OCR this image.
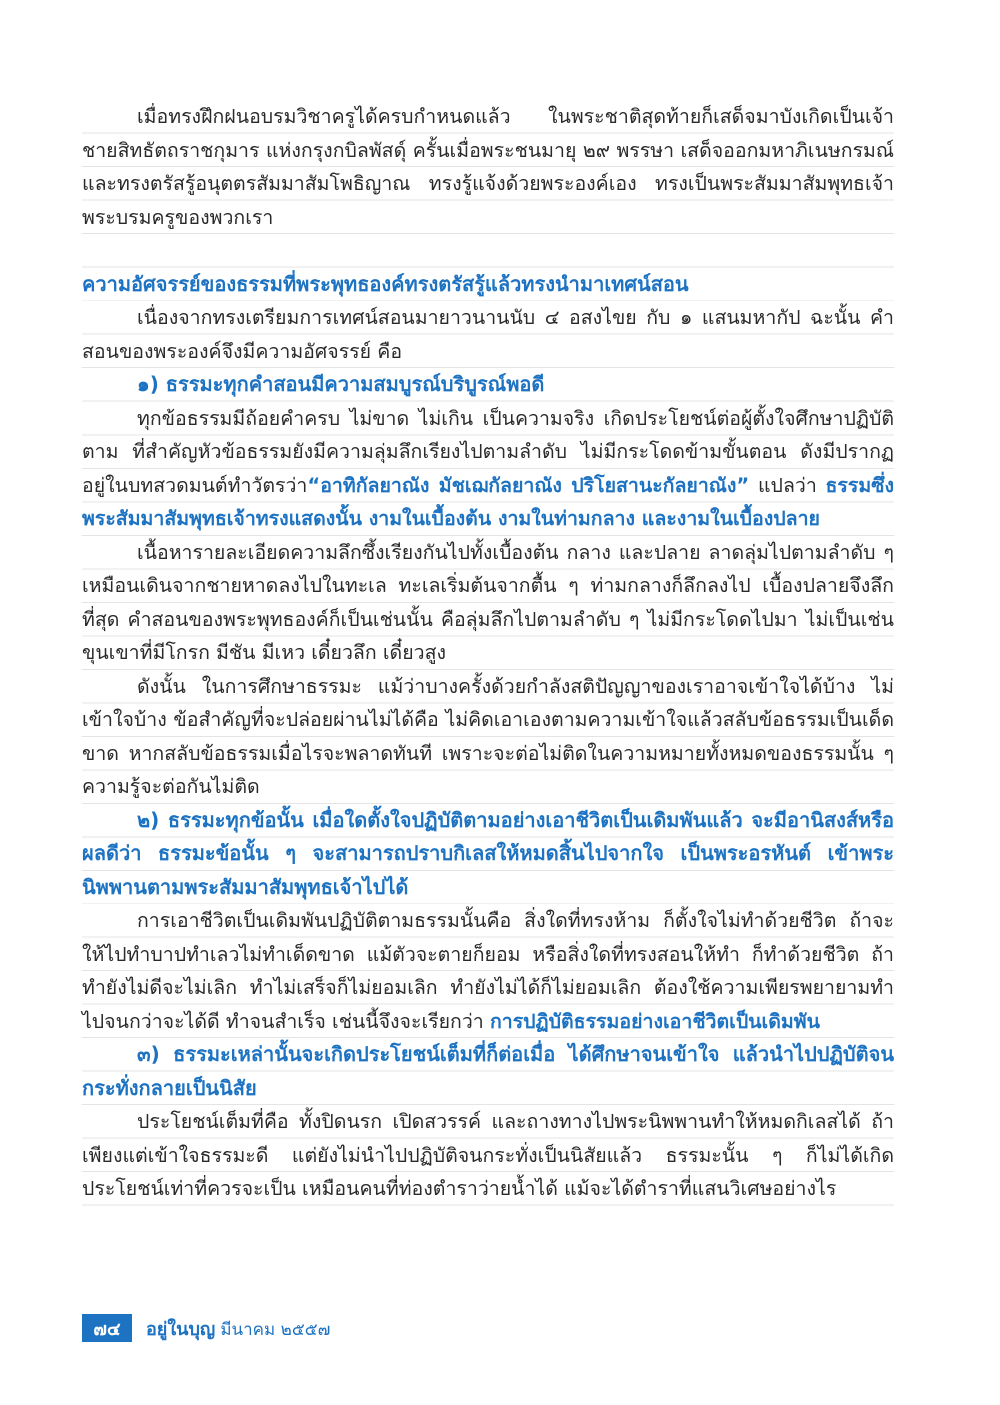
เมื่อทรงฝึกฝนอบรมวิชาครูได้ครบกำหนดแล้ว ในพระชาติสุดท้ายก็เสด็จมาบังเกิดเป็นเจ้าชายสิทธัตถราชกุมาร แห่งกรุงกบิลพัสดุ์ ครั้นเมื่อพระชนมายุ ๒๙ พรรษา เสด็จออกมหาภิเนษกรมณ์ และทรงตรัสรู้อนุตตรสัมมาสัมโพธิญาณ ทรงรู้แจ้งด้วยพระองค์เอง ทรงเป็นพระสัมมาสัมพุทธเจ้า พระบรมครูของพวกเรา

ความอัศจรรย์ของธรรมที่พระพุทธองค์ทรงตรัสรู้แล้วทรงนำมาเทศน์สอน

เนื่องจากทรงเตรียมการเทศน์สอนมายาวนานนับ ๔ อสงไขย กับ ๑ แสนมหากัป ฉะนั้น คำสอนของพระองค์จึงมีความอัศจรรย์ คือ

๑) ธรรมะทุกคำสอนมีความสมบูรณ์บริบูรณ์พอดี

ทุกข้อธรรมมีถ้อยคำครบ ไม่ขาด ไม่เกิน เป็นความจริง เกิดประโยชน์ต่อผู้ตั้งใจศึกษาปฏิบัติตาม ที่สำคัญหัวข้อธรรมยังมีความลุ่มลึกเรียงไปตามลำดับ ไม่มีกระโดดข้ามขั้นตอน ดังมีปรากฏอยู่ในบทสวดมนต์ทำวัตรว่า“อาทิกัลยาณัง มัชเฌกัลยาณัง ปริโยสานะกัลยาณัง” แปลว่า ธรรมซึ่งพระสัมมาสัมพุทธเจ้าทรงแสดงนั้น งามในเบื้องต้น งามในท่ามกลาง และงามในเบื้องปลาย

เนื้อหารายละเอียดความลึกซึ้งเรียงกันไปทั้งเบื้องต้น กลาง และปลาย ลาดลุ่มไปตามลำดับ ๆ เหมือนเดินจากชายหาดลงไปในทะเล ทะเลเริ่มต้นจากตื้น ๆ ท่ามกลางก็ลึกลงไป เบื้องปลายจึงลึกที่สุด คำสอนของพระพุทธองค์ก็เป็นเช่นนั้น คือลุ่มลึกไปตามลำดับ ๆ ไม่มีกระโดดไปมา ไม่เป็นเช่นขุนเขาที่มีโกรก มีชัน มีเหว เดี๋ยวลึก เดี๋ยวสูง

ดังนั้น ในการศึกษาธรรมะ แม้ว่าบางครั้งด้วยกำลังสติปัญญาของเราอาจเข้าใจได้บ้าง ไม่เข้าใจบ้าง ข้อสำคัญที่จะปล่อยผ่านไม่ได้คือ ไม่คิดเอาเองตามความเข้าใจแล้วสลับข้อธรรมเป็นเด็ดขาด หากสลับข้อธรรมเมื่อไรจะพลาดทันที เพราะจะต่อไม่ติดในความหมายทั้งหมดของธรรมนั้น ๆ ความรู้จะต่อกันไม่ติด

๒) ธรรมะทุกข้อนั้น เมื่อใดตั้งใจปฏิบัติตามอย่างเอาชีวิตเป็นเดิมพันแล้ว จะมีอานิสงส์หรือผลดีว่า ธรรมะข้อนั้น ๆ จะสามารถปราบกิเลสให้หมดสิ้นไปจากใจ เป็นพระอรหันต์ เข้าพระนิพพานตามพระสัมมาสัมพุทธเจ้าไปได้

การเอาชีวิตเป็นเดิมพันปฏิบัติตามธรรมนั้นคือ สิ่งใดที่ทรงห้าม ก็ตั้งใจไม่ทำด้วยชีวิต ถ้าจะให้ไปทำบาปทำเลวไม่ทำเด็ดขาด แม้ตัวจะตายก็ยอม หรือสิ่งใดที่ทรงสอนให้ทำ ก็ทำด้วยชีวิต ถ้าทำยังไม่ดีจะไม่เลิก ทำไม่เสร็จก็ไม่ยอมเลิก ทำยังไม่ได้ก็ไม่ยอมเลิก ต้องใช้ความเพียรพยายามทำไปจนกว่าจะได้ดี ทำจนสำเร็จ เช่นนี้จึงจะเรียกว่า การปฏิบัติธรรมอย่างเอาชีวิตเป็นเดิมพัน

๓) ธรรมะเหล่านั้นจะเกิดประโยชน์เต็มที่ก็ต่อเมื่อ ได้ศึกษาจนเข้าใจ แล้วนำไปปฏิบัติจนกระทั่งกลายเป็นนิสัย

ประโยชน์เต็มที่คือ ทั้งปิดนรก เปิดสวรรค์ และถางทางไปพระนิพพานทำให้หมดกิเลสได้ ถ้าเพียงแต่เข้าใจธรรมะดี แต่ยังไม่นำไปปฏิบัติจนกระทั่งเป็นนิสัยแล้ว ธรรมะนั้น ๆ ก็ไม่ได้เกิดประโยชน์เท่าที่ควรจะเป็น เหมือนคนที่ท่องตำราว่ายน้ำได้ แม้จะได้ตำราที่แสนวิเศษอย่างไร

๗๔	อยู่ในบุญ มีนาคม ๒๕๕๗
